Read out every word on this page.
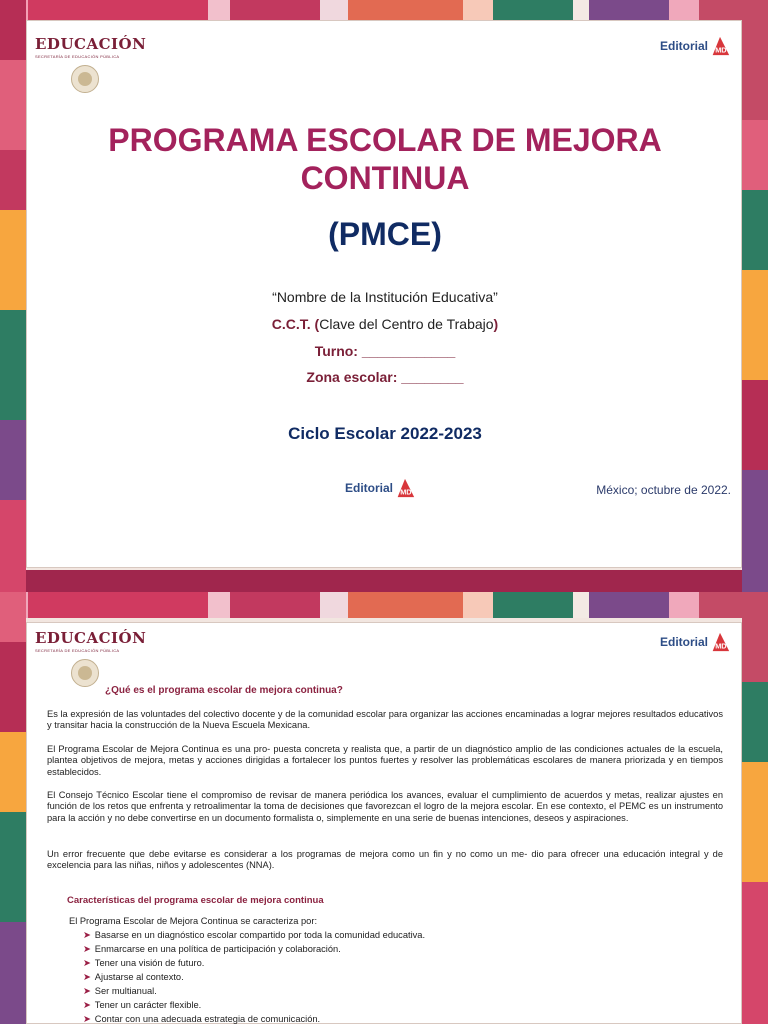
EDUCACIÓN
SECRETARÍA DE EDUCACIÓN PÚBLICA
Editorial MD
PROGRAMA ESCOLAR DE MEJORA CONTINUA
(PMCE)
“Nombre de la Institución Educativa”
C.C.T. (Clave del Centro de Trabajo)
Turno: ____________
Zona escolar: ________
Ciclo Escolar 2022-2023
Editorial MD	México; octubre de 2022.
EDUCACIÓN
SECRETARÍA DE EDUCACIÓN PÚBLICA
Editorial MD
¿Qué es el programa escolar de mejora continua?

Es la expresión de las voluntades del colectivo docente y de la comunidad escolar para organizar las acciones encaminadas a lograr mejores resultados educativos y transitar hacia la construcción de la Nueva Escuela Mexicana.

El Programa Escolar de Mejora Continua es una pro- puesta concreta y realista que, a partir de un diagnóstico amplio de las condiciones actuales de la escuela, plantea objetivos de mejora, metas y acciones dirigidas a fortalecer los puntos fuertes y resolver las problemáticas escolares de manera priorizada y en tiempos establecidos.

El Consejo Técnico Escolar tiene el compromiso de revisar de manera periódica los avances, evaluar el cumplimiento de acuerdos y metas, realizar ajustes en función de los retos que enfrenta y retroalimentar la toma de decisiones que favorezcan el logro de la mejora escolar. En ese contexto, el PEMC es un instrumento para la acción y no debe convertirse en un documento formalista o, simplemente en una serie de buenas intenciones, deseos y aspiraciones.

Un error frecuente que debe evitarse es considerar a los programas de mejora como un fin y no como un me- dio para ofrecer una educación integral y de excelencia para las niñas, niños y adolescentes (NNA).

Características del programa escolar de mejora continua
El Programa Escolar de Mejora Continua se caracteriza por:
➤ Basarse en un diagnóstico escolar compartido por toda la comunidad educativa.
➤ Enmarcarse en una política de participación y colaboración.
➤ Tener una visión de futuro.
➤ Ajustarse al contexto.
➤ Ser multianual.
➤ Tener un carácter flexible.
➤ Contar con una adecuada estrategia de comunicación.
